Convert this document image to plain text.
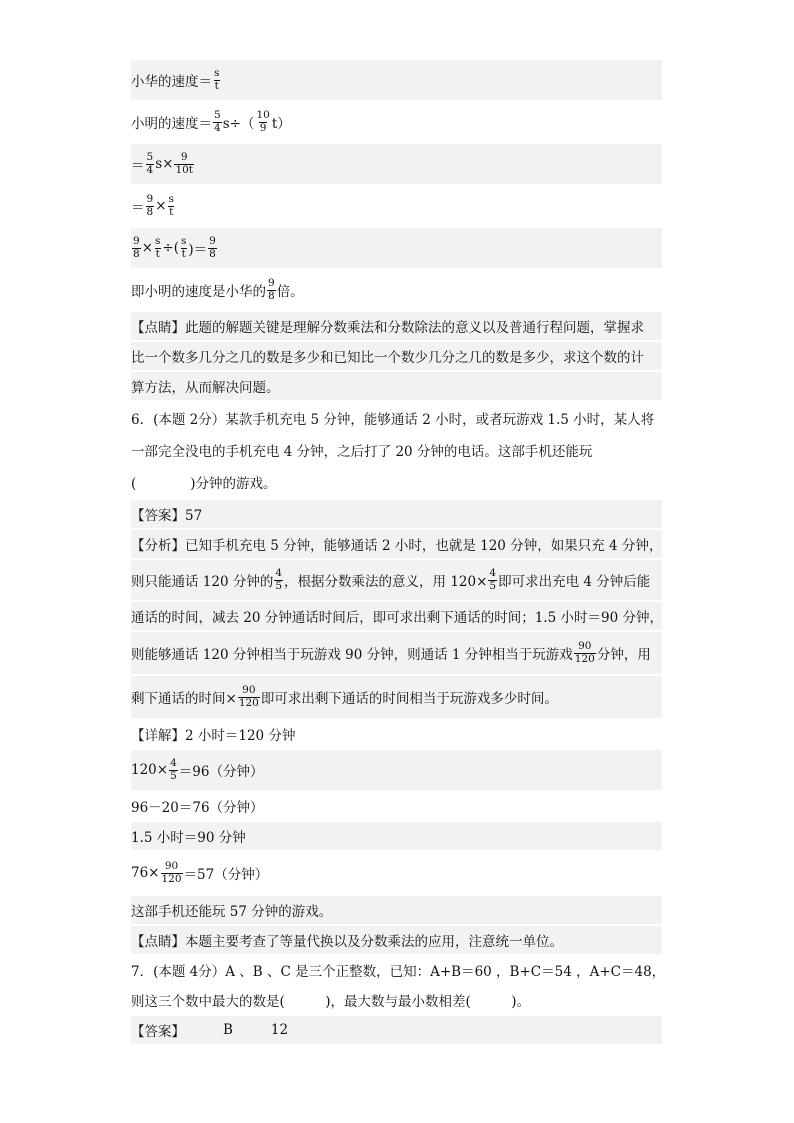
小华的速度＝ $\frac{s}{t}$
小明的速度＝ $\frac{5}{4} s\div( \frac{10}{9} t)$
＝ $\frac{5}{4} s\times \frac{9}{10t}$
＝ $\frac{9}{8} \times \frac{s}{t}$
$\frac{9}{8} \times \frac{s}{t}$ ÷( $\frac{s}{t}$ )＝ $\frac{9}{8}$
即小明的速度是小华的 $\frac{9}{8}$ 倍。
【点睛】此题的解题关键是理解分数乘法和分数除法的意义以及普通行程问题，掌握求
比一个数多几分之几的数是多少和已知比一个数少几分之几的数是多少，求这个数的计
算方法，从而解决问题。
6．(本题 2分）某款手机充电 5 分钟，能够通话 2 小时，或者玩游戏 1.5 小时，某人将
一部完全没电的手机充电 4 分钟，之后打了 20 分钟的电话。这部手机还能玩
(　　　　)分钟的游戏。
【答案】57
【分析】已知手机充电 5 分钟，能够通话 2 小时，也就是 120 分钟，如果只充 4 分钟，
则只能通话 120 分钟的 $\frac{4}{5}$ ，根据分数乘法的意义，用 $120\times \frac{4}{5}$ 即可求出充电 4 分钟后能
通话的时间，减去 20 分钟通话时间后，即可求出剩下通话的时间；1.5 小时＝90 分钟，
则能够通话 120 分钟相当于玩游戏 90 分钟，则通话 1 分钟相当于玩游戏 $\frac{90}{120}$ 分钟，用
剩下通话的时间× $\frac{90}{120}$ 即可求出剩下通话的时间相当于玩游戏多少时间。
【详解】2 小时＝120 分钟
$120\times \frac{4}{5} =96$（分钟）
96－20＝76（分钟）
1.5 小时＝90 分钟
$76\times \frac{90}{120} =57$（分钟）
这部手机还能玩 57 分钟的游戏。
【点睛】本题主要考查了等量代换以及分数乘法的应用，注意统一单位。
7．(本题 4分）A 、B 、C 是三个正整数，已知：A+B＝60 ，B+C＝54 ，A+C＝48，
则这三个数中最大的数是(　　　)，最大数与最小数相差(　　　)。
【答案】	B	12
